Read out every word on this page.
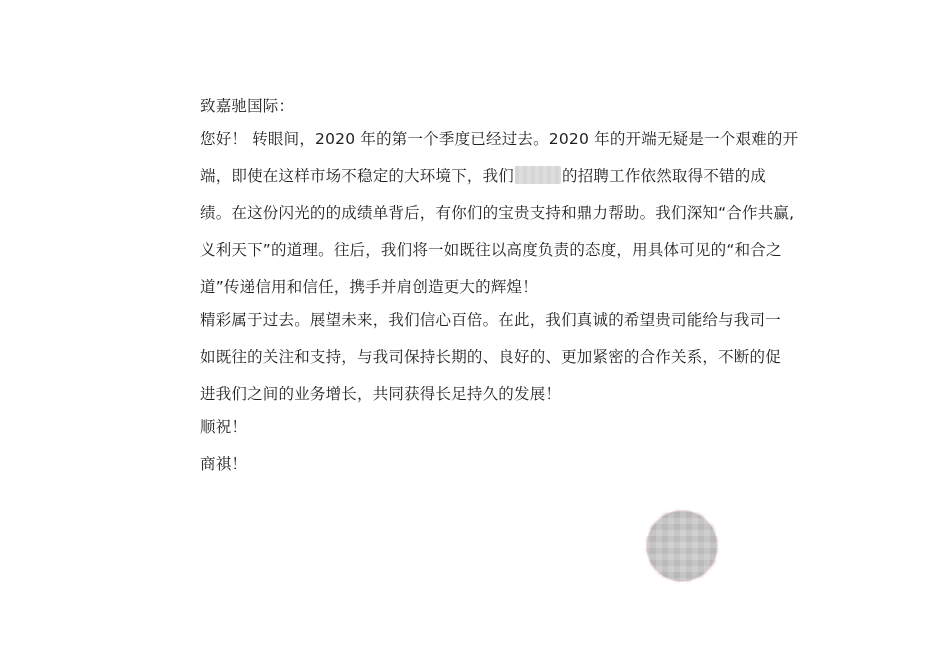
致嘉驰国际：

您好！ 转眼间，2020 年的第一个季度已经过去。2020 年的开端无疑是一个艰难的开

端，即使在这样市场不稳定的大环境下，我们	的招聘工作依然取得不错的成

绩。在这份闪光的的成绩单背后，有你们的宝贵支持和鼎力帮助。我们深知“合作共赢,

义利天下”的道理。往后，我们将一如既往以高度负责的态度，用具体可见的“和合之

道”传递信用和信任，携手并肩创造更大的辉煌！

精彩属于过去。展望未来，我们信心百倍。在此，我们真诚的希望贵司能给与我司一

如既往的关注和支持，与我司保持长期的、良好的、更加紧密的合作关系，不断的促

进我们之间的业务增长，共同获得长足持久的发展！

顺祝！

商祺！
